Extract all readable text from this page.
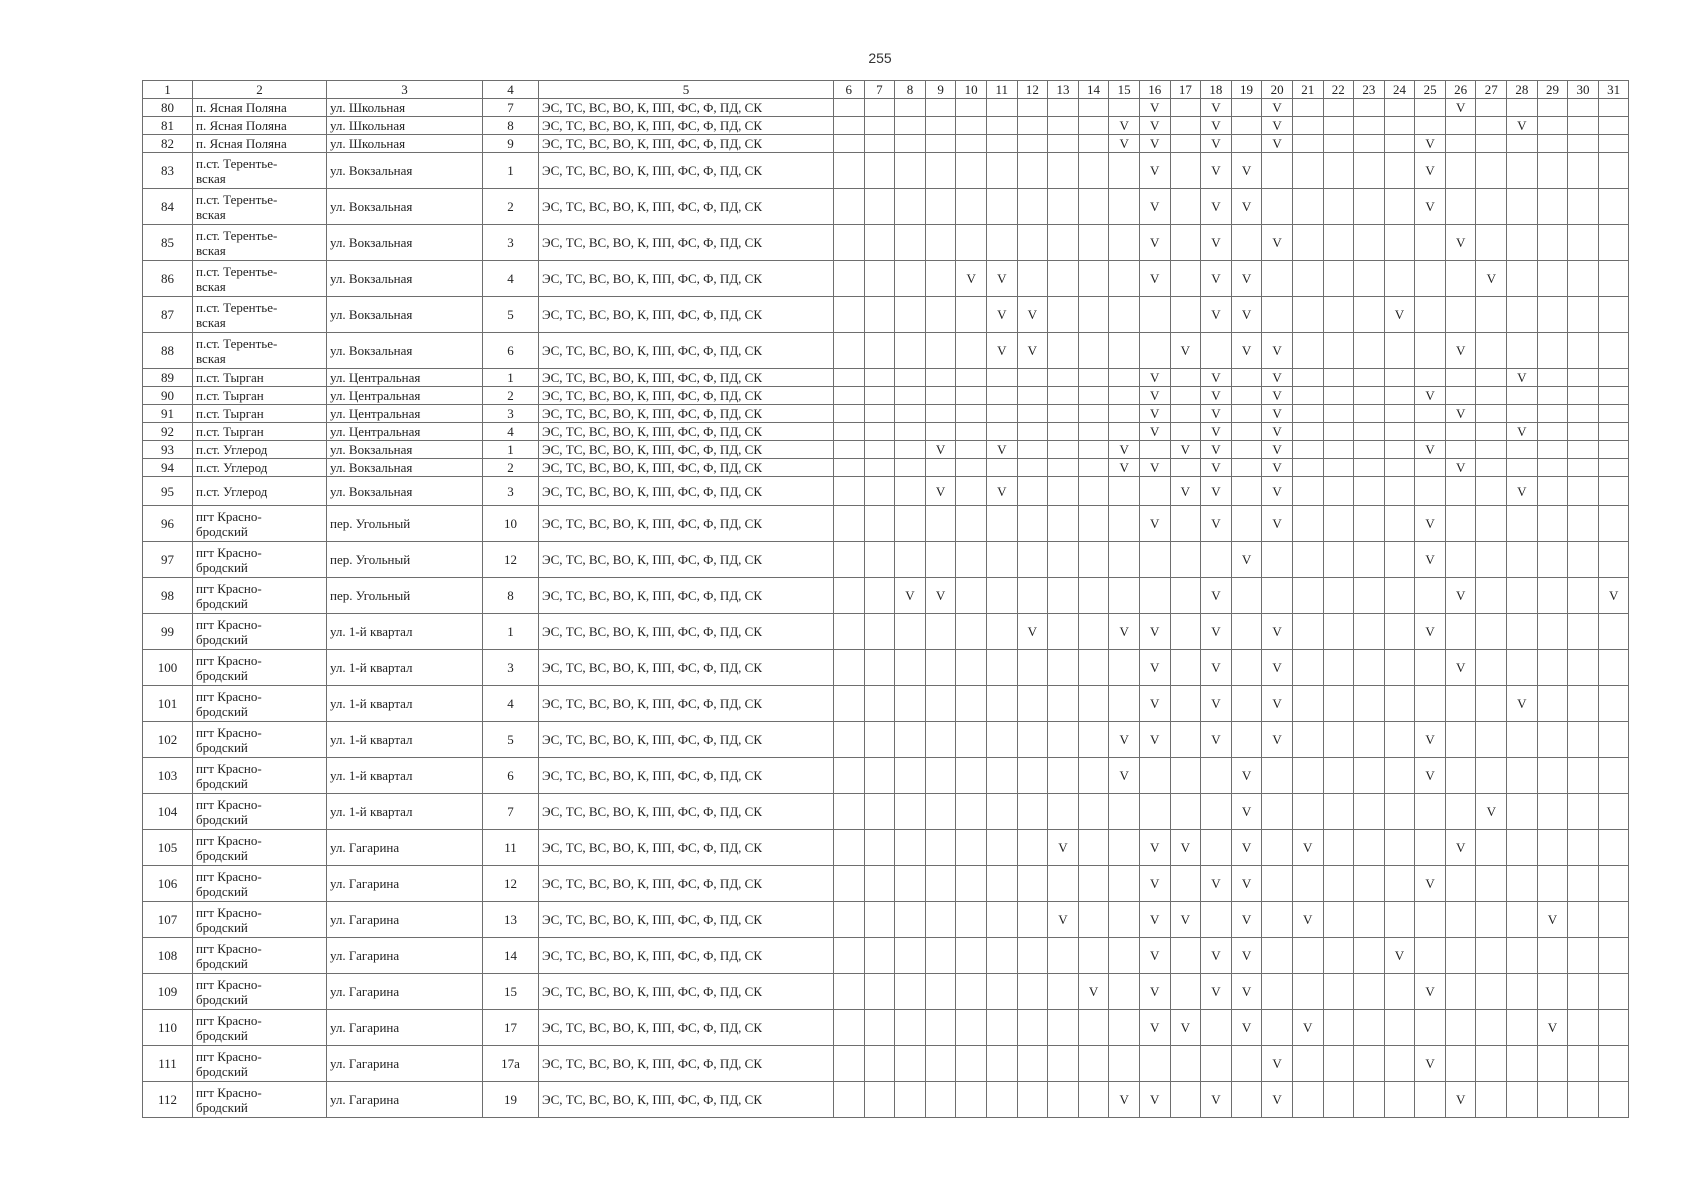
255
1	2	3	4	5	6	7	8	9	10	11	12	13	14	15	16	17	18	19	20	21	22	23	24	25	26	27	28	29	30	31
80	п. Ясная Поляна	ул. Школьная	7	ЭС, ТС, ВС, ВО, К, ПП, ФС, Ф, ПД, СК											V		V		V						V					
81	п. Ясная Поляна	ул. Школьная	8	ЭС, ТС, ВС, ВО, К, ПП, ФС, Ф, ПД, СК										V	V		V		V								V			
82	п. Ясная Поляна	ул. Школьная	9	ЭС, ТС, ВС, ВО, К, ПП, ФС, Ф, ПД, СК										V	V		V		V					V						
83	п.ст. Терентье-
вская	ул. Вокзальная	1	ЭС, ТС, ВС, ВО, К, ПП, ФС, Ф, ПД, СК											V		V	V						V						
84	п.ст. Терентье-
вская	ул. Вокзальная	2	ЭС, ТС, ВС, ВО, К, ПП, ФС, Ф, ПД, СК											V		V	V						V						
85	п.ст. Терентье-
вская	ул. Вокзальная	3	ЭС, ТС, ВС, ВО, К, ПП, ФС, Ф, ПД, СК											V		V		V						V					
86	п.ст. Терентье-
вская	ул. Вокзальная	4	ЭС, ТС, ВС, ВО, К, ПП, ФС, Ф, ПД, СК					V	V					V		V	V								V				
87	п.ст. Терентье-
вская	ул. Вокзальная	5	ЭС, ТС, ВС, ВО, К, ПП, ФС, Ф, ПД, СК						V	V						V	V					V							
88	п.ст. Терентье-
вская	ул. Вокзальная	6	ЭС, ТС, ВС, ВО, К, ПП, ФС, Ф, ПД, СК						V	V					V		V	V						V					
89	п.ст. Тырган	ул. Центральная	1	ЭС, ТС, ВС, ВО, К, ПП, ФС, Ф, ПД, СК											V		V		V								V			
90	п.ст. Тырган	ул. Центральная	2	ЭС, ТС, ВС, ВО, К, ПП, ФС, Ф, ПД, СК											V		V		V					V						
91	п.ст. Тырган	ул. Центральная	3	ЭС, ТС, ВС, ВО, К, ПП, ФС, Ф, ПД, СК											V		V		V						V					
92	п.ст. Тырган	ул. Центральная	4	ЭС, ТС, ВС, ВО, К, ПП, ФС, Ф, ПД, СК											V		V		V								V			
93	п.ст. Углерод	ул. Вокзальная	1	ЭС, ТС, ВС, ВО, К, ПП, ФС, Ф, ПД, СК				V		V				V		V	V		V					V						
94	п.ст. Углерод	ул. Вокзальная	2	ЭС, ТС, ВС, ВО, К, ПП, ФС, Ф, ПД, СК										V	V		V		V						V					
95	п.ст. Углерод	ул. Вокзальная	3	ЭС, ТС, ВС, ВО, К, ПП, ФС, Ф, ПД, СК				V		V						V	V		V								V			
96	пгт Красно-
бродский	пер. Угольный	10	ЭС, ТС, ВС, ВО, К, ПП, ФС, Ф, ПД, СК											V		V		V					V						
97	пгт Красно-
бродский	пер. Угольный	12	ЭС, ТС, ВС, ВО, К, ПП, ФС, Ф, ПД, СК														V						V						
98	пгт Красно-
бродский	пер. Угольный	8	ЭС, ТС, ВС, ВО, К, ПП, ФС, Ф, ПД, СК			V	V									V								V					V
99	пгт Красно-
бродский	ул. 1-й квартал	1	ЭС, ТС, ВС, ВО, К, ПП, ФС, Ф, ПД, СК							V			V	V		V		V					V						
100	пгт Красно-
бродский	ул. 1-й квартал	3	ЭС, ТС, ВС, ВО, К, ПП, ФС, Ф, ПД, СК											V		V		V						V					
101	пгт Красно-
бродский	ул. 1-й квартал	4	ЭС, ТС, ВС, ВО, К, ПП, ФС, Ф, ПД, СК											V		V		V								V			
102	пгт Красно-
бродский	ул. 1-й квартал	5	ЭС, ТС, ВС, ВО, К, ПП, ФС, Ф, ПД, СК										V	V		V		V					V						
103	пгт Красно-
бродский	ул. 1-й квартал	6	ЭС, ТС, ВС, ВО, К, ПП, ФС, Ф, ПД, СК										V				V						V						
104	пгт Красно-
бродский	ул. 1-й квартал	7	ЭС, ТС, ВС, ВО, К, ПП, ФС, Ф, ПД, СК														V								V				
105	пгт Красно-
бродский	ул. Гагарина	11	ЭС, ТС, ВС, ВО, К, ПП, ФС, Ф, ПД, СК								V			V	V		V		V					V					
106	пгт Красно-
бродский	ул. Гагарина	12	ЭС, ТС, ВС, ВО, К, ПП, ФС, Ф, ПД, СК											V		V	V						V						
107	пгт Красно-
бродский	ул. Гагарина	13	ЭС, ТС, ВС, ВО, К, ПП, ФС, Ф, ПД, СК								V			V	V		V		V								V		
108	пгт Красно-
бродский	ул. Гагарина	14	ЭС, ТС, ВС, ВО, К, ПП, ФС, Ф, ПД, СК											V		V	V					V							
109	пгт Красно-
бродский	ул. Гагарина	15	ЭС, ТС, ВС, ВО, К, ПП, ФС, Ф, ПД, СК									V		V		V	V						V						
110	пгт Красно-
бродский	ул. Гагарина	17	ЭС, ТС, ВС, ВО, К, ПП, ФС, Ф, ПД, СК											V	V		V		V								V		
111	пгт Красно-
бродский	ул. Гагарина	17а	ЭС, ТС, ВС, ВО, К, ПП, ФС, Ф, ПД, СК															V					V						
112	пгт Красно-
бродский	ул. Гагарина	19	ЭС, ТС, ВС, ВО, К, ПП, ФС, Ф, ПД, СК										V	V		V		V						V					
